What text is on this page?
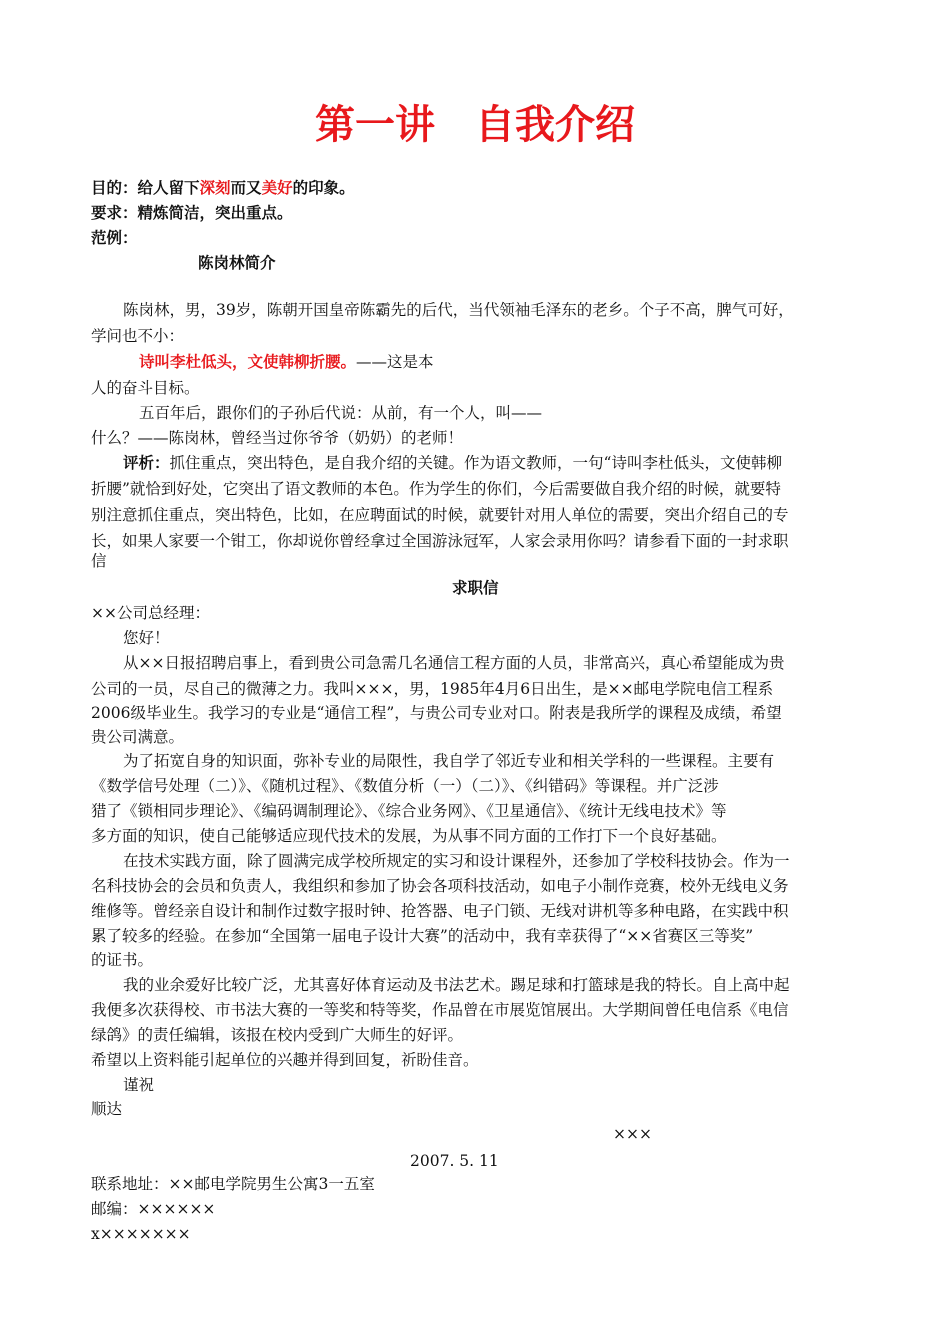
第一讲　自我介绍
目的：给人留下深刻而又美好的印象。
要求：精炼简洁，突出重点。
范例：
陈岗林简介
陈岗林，男，39岁，陈朝开国皇帝陈霸先的后代，当代领袖毛泽东的老乡。个子不高，脾气可好，
学问也不小：
诗叫李杜低头，文使韩柳折腰。——这是本
人的奋斗目标。
五百年后，跟你们的子孙后代说：从前，有一个人，叫——
什么？——陈岗林，曾经当过你爷爷（奶奶）的老师！
评析：抓住重点，突出特色，是自我介绍的关键。作为语文教师，一句“诗叫李杜低头，文使韩柳
折腰”就恰到好处，它突出了语文教师的本色。作为学生的你们，今后需要做自我介绍的时候，就要特
别注意抓住重点，突出特色，比如，在应聘面试的时候，就要针对用人单位的需要，突出介绍自己的专
长，如果人家要一个钳工，你却说你曾经拿过全国游泳冠军，人家会录用你吗？请参看下面的一封求职
信
求职信
××公司总经理：
您好！
从××日报招聘启事上，看到贵公司急需几名通信工程方面的人员，非常高兴，真心希望能成为贵
公司的一员，尽自己的微薄之力。我叫×××，男，1985年4月6日出生，是××邮电学院电信工程系
2006级毕业生。我学习的专业是“通信工程”，与贵公司专业对口。附表是我所学的课程及成绩，希望
贵公司满意。
为了拓宽自身的知识面，弥补专业的局限性，我自学了邻近专业和相关学科的一些课程。主要有
《数学信号处理（二）》、《随机过程》、《数值分析（一）（二）》、《纠错码》等课程。并广泛涉
猎了《锁相同步理论》、《编码调制理论》、《综合业务网》、《卫星通信》、《统计无线电技术》等
多方面的知识，使自己能够适应现代技术的发展，为从事不同方面的工作打下一个良好基础。
在技术实践方面，除了圆满完成学校所规定的实习和设计课程外，还参加了学校科技协会。作为一
名科技协会的会员和负责人，我组织和参加了协会各项科技活动，如电子小制作竞赛，校外无线电义务
维修等。曾经亲自设计和制作过数字报时钟、抢答器、电子门锁、无线对讲机等多种电路，在实践中积
累了较多的经验。在参加“全国第一届电子设计大赛”的活动中，我有幸获得了“××省赛区三等奖”
的证书。
我的业余爱好比较广泛，尤其喜好体育运动及书法艺术。踢足球和打篮球是我的特长。自上高中起
我便多次获得校、市书法大赛的一等奖和特等奖，作品曾在市展览馆展出。大学期间曾任电信系《电信
绿鸽》的责任编辑，该报在校内受到广大师生的好评。
希望以上资料能引起单位的兴趣并得到回复，祈盼佳音。
谨祝
顺达
×××
2007. 5. 11
联系地址：××邮电学院男生公寓3一五室
邮编：××××××
x×××××××
